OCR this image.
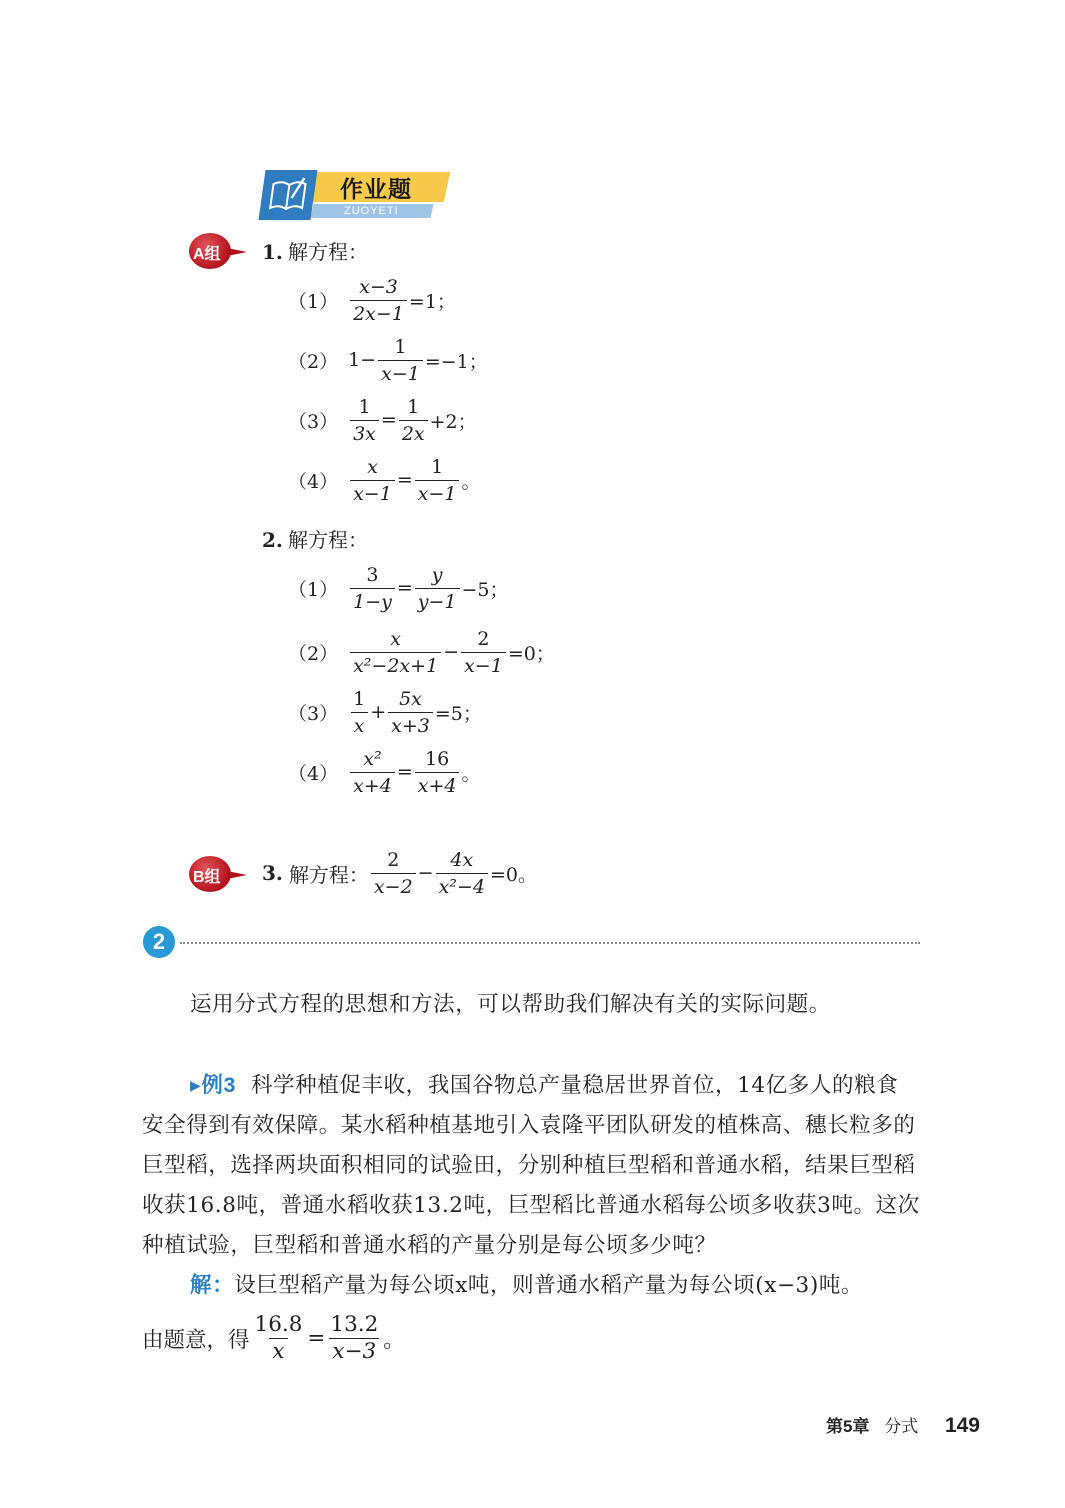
作业题
ZUOYETI
A组 1. 解方程：
$(1) \frac{x-3}{2x-1} =1$；
（2） $1- \frac{1}{x-1} =-1$；
$(3) \frac{1}{3x} = \frac{1}{2x} +2$；
$(4) \frac{x}{x-1} = \frac{1}{x-1}$ 。
2. 解方程：
$(1) \frac{3}{1-y} = \frac{y}{y-1} -5$；
$(2) \frac{x}{\text{x²−2x+1}} - \frac{2}{x-1} =0$；
$(3) \frac{1}{x} + \frac{5x}{x+3} =5$；
$(4) \frac{\text{x²}}{x+4} = \frac{16}{x+4}$ 。
B组 3.
解方程： $\frac{2}{x-2} - \frac{4x}{\text{x²−4}} =0$。
2
运用分式方程的思想和方法，可以帮助我们解决有关的实际问题。
▸例3 科学种植促丰收，我国谷物总产量稳居世界首位，14亿多人的粮食安全得到有效保障。某水稻种植基地引入袁隆平团队研发的植株高、穗长粒多的巨型稻，选择两块面积相同的试验田，分别种植巨型稻和普通水稻，结果巨型稻收获16.8吨，普通水稻收获13.2吨，巨型稻比普通水稻每公顷多收获3吨。这次种植试验，巨型稻和普通水稻的产量分别是每公顷多少吨？
解：设巨型稻产量为每公顷x吨，则普通水稻产量为每公顷(x−3)吨。
由题意，得 $\frac{16.8}{x} = \frac{13.2}{x-3}$ 。
第5章 分式 149
